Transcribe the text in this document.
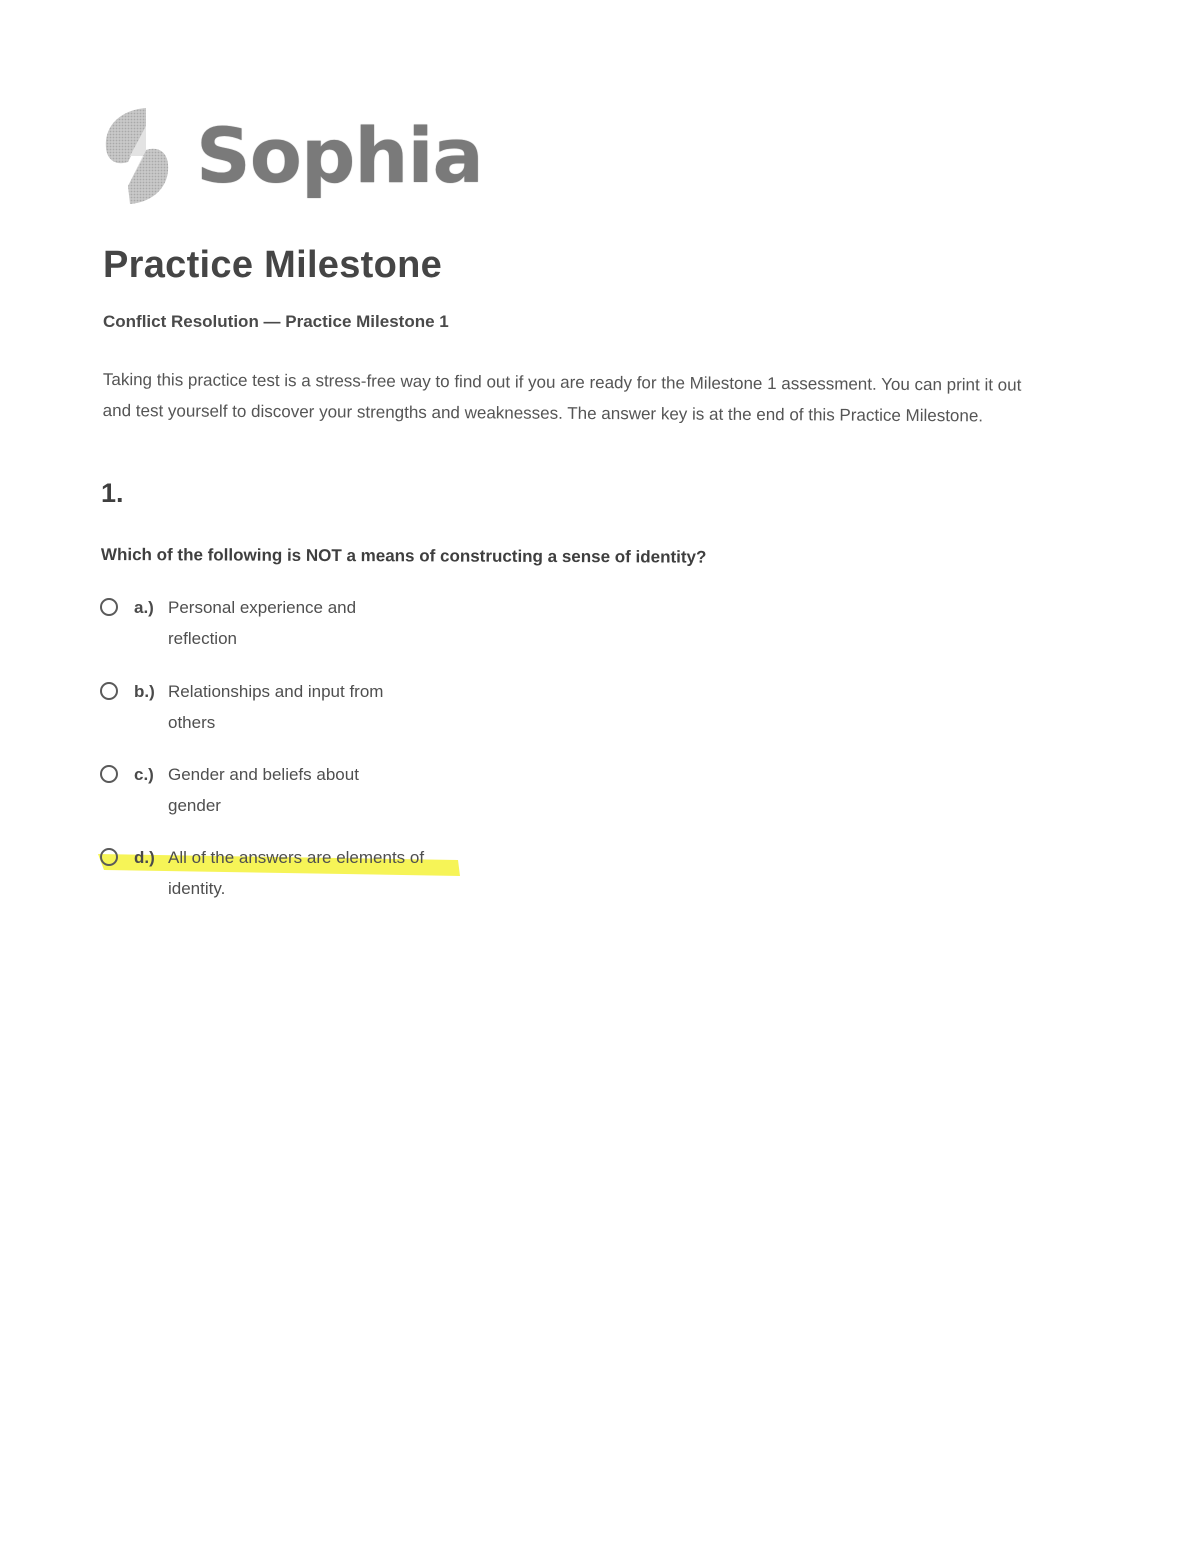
Sophia
Practice Milestone

Conflict Resolution — Practice Milestone 1

Taking this practice test is a stress-free way to find out if you are ready for the Milestone 1 assessment. You can print it out and test yourself to discover your strengths and weaknesses. The answer key is at the end of this Practice Milestone.

1.

Which of the following is NOT a means of constructing a sense of identity?

a.) Personal experience and reflection
b.) Relationships and input from others
c.) Gender and beliefs about gender
d.) All of the answers are elements of identity.
